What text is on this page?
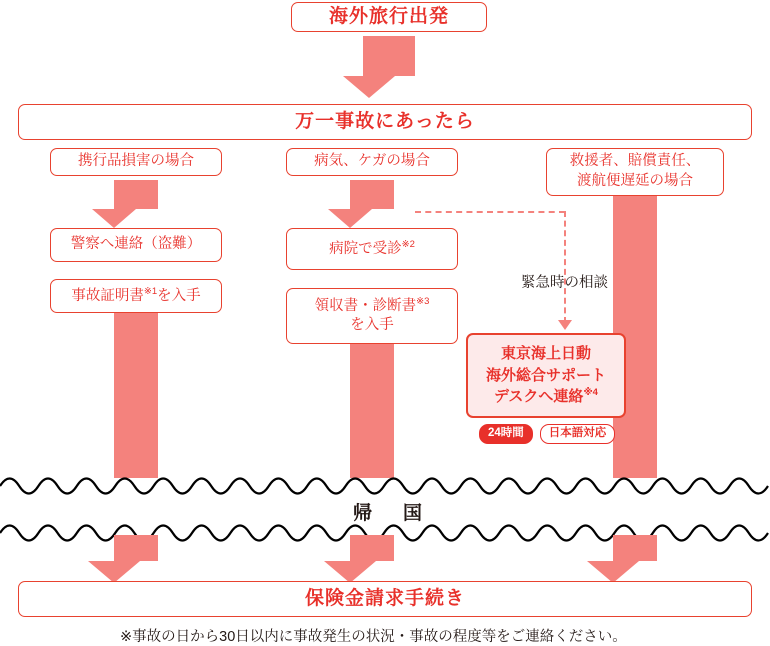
海外旅行出発
万一事故にあったら
携行品損害の場合
警察へ連絡（盗難）
事故証明書$^{※1}$を入手
病気、ケガの場合
病院で受診$^{※2}$
領収書・診断書$^{※3}$
を入手
救援者、賠償責任、
渡航便遅延の場合
緊急時の相談
東京海上日動
海外総合サポート
デスクへ連絡$^{※4}$
24時間	日本語対応
帰　国
保険金請求手続き
※事故の日から30日以内に事故発生の状況・事故の程度等をご連絡ください。
